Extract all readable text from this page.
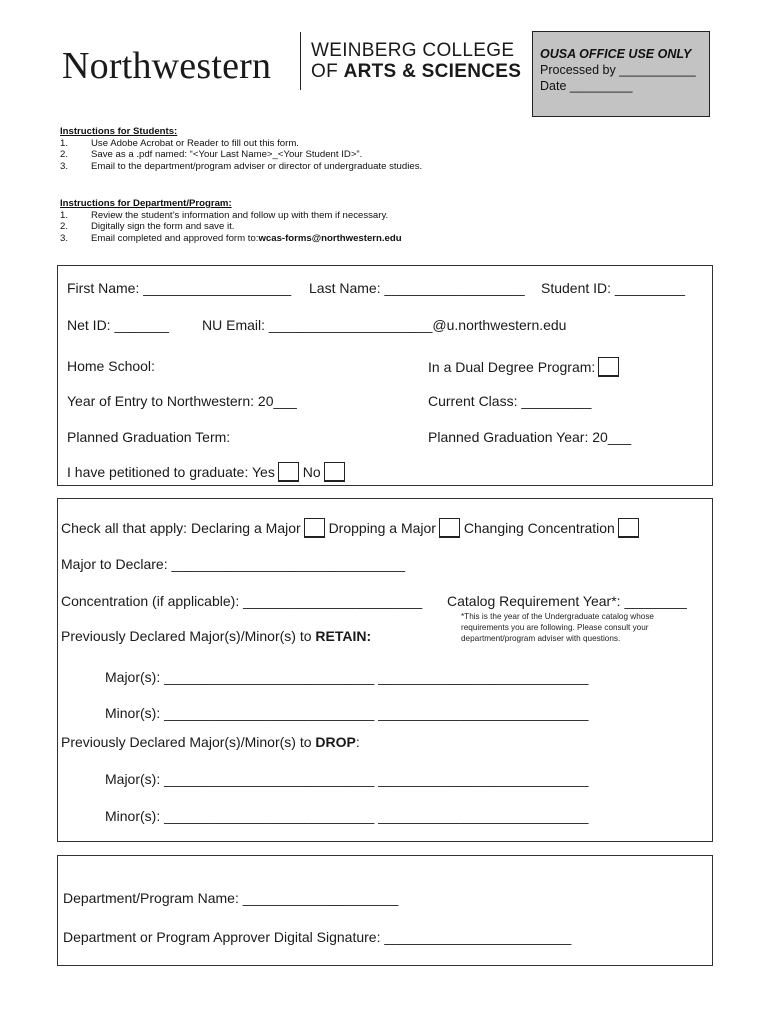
Northwestern WEINBERG COLLEGE
OF ARTS & SCIENCES
OUSA OFFICE USE ONLY
Processed by ___________
Date _________
Instructions for Students:
1.	Use Adobe Acrobat or Reader to fill out this form.
2.	Save as a .pdf named: “<Your Last Name>_<Your Student ID>”.
3.	Email to the department/program adviser or director of undergraduate studies.
Instructions for Department/Program:
1.	Review the student’s information and follow up with them if necessary.
2.	Digitally sign the form and save it.
3.	Email completed and approved form to: wcas-forms@northwestern.edu
First Name: ___________________ Last Name: __________________ Student ID: _________
Net ID: _______ NU Email: _____________________@u.northwestern.edu
Home School:	In a Dual Degree Program:
Year of Entry to Northwestern: 20___	Current Class: _________
Planned Graduation Term:	Planned Graduation Year: 20___
I have petitioned to graduate: Yes No
Check all that apply: Declaring a Major Dropping a Major Changing Concentration
Major to Declare: ______________________________
Concentration (if applicable): _______________________ Catalog Requirement Year*: ________
*This is the year of the Undergraduate catalog whose requirements you are following. Please consult your department/program adviser with questions.
Previously Declared Major(s)/Minor(s) to RETAIN:
Major(s): ___________________________ ___________________________
Minor(s): ___________________________ ___________________________
Previously Declared Major(s)/Minor(s) to DROP:
Major(s): ___________________________ ___________________________
Minor(s): ___________________________ ___________________________
Department/Program Name: ____________________
Department or Program Approver Digital Signature: ________________________
